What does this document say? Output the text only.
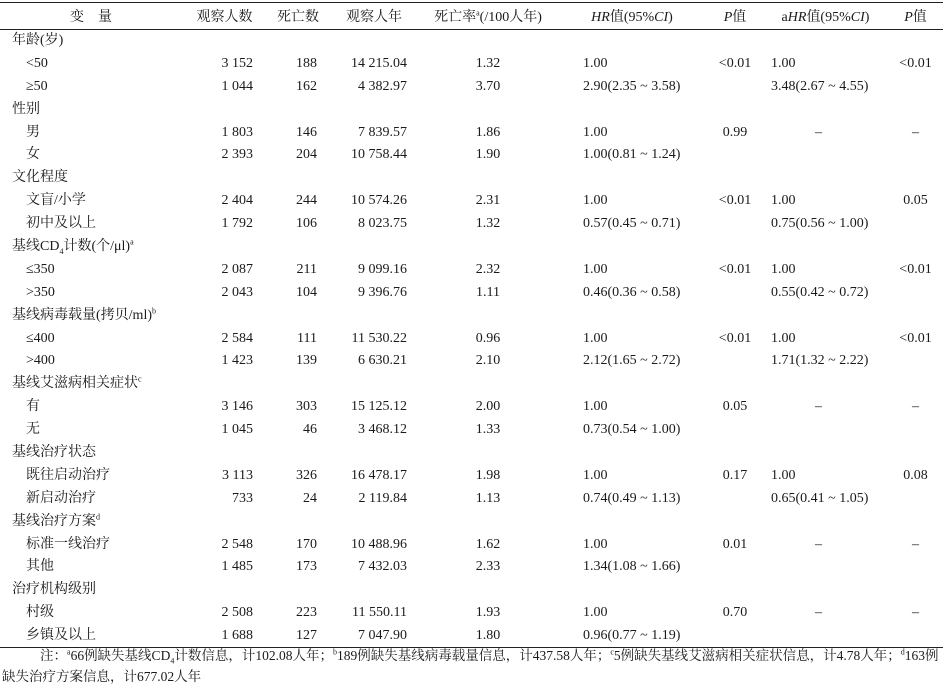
变　量	观察人数	死亡数	观察人年	死亡率$^a$(/100人年)	HR值(95%CI)	P值	aHR值(95%CI)	P值
年龄(岁)								
<50	3 152	188	14 215.04	1.32	1.00	<0.01	1.00	<0.01
≥50	1 044	162	4 382.97	3.70	2.90(2.35 ~ 3.58)		3.48(2.67 ~ 4.55)	
性别								
男	1 803	146	7 839.57	1.86	1.00	0.99	–	–
女	2 393	204	10 758.44	1.90	1.00(0.81 ~ 1.24)			
文化程度								
文盲/小学	2 404	244	10 574.26	2.31	1.00	<0.01	1.00	0.05
初中及以上	1 792	106	8 023.75	1.32	0.57(0.45 ~ 0.71)		0.75(0.56 ~ 1.00)	
基线$CD_4$计数(个/μl)$^a$
≤350	2 087	211	9 099.16	2.32	1.00	<0.01	1.00	<0.01
>350	2 043	104	9 396.76	1.11	0.46(0.36 ~ 0.58)		0.55(0.42 ~ 0.72)	
基线病毒载量(拷贝/ml)$^b$
≤400	2 584	111	11 530.22	0.96	1.00	<0.01	1.00	<0.01
>400	1 423	139	6 630.21	2.10	2.12(1.65 ~ 2.72)		1.71(1.32 ~ 2.22)	
基线艾滋病相关症状$^c$
有	3 146	303	15 125.12	2.00	1.00	0.05	–	–
无	1 045	46	3 468.12	1.33	0.73(0.54 ~ 1.00)			
基线治疗状态								
既往启动治疗	3 113	326	16 478.17	1.98	1.00	0.17	1.00	0.08
新启动治疗	733	24	2 119.84	1.13	0.74(0.49 ~ 1.13)		0.65(0.41 ~ 1.05)	
基线治疗方案$^d$
标准一线治疗	2 548	170	10 488.96	1.62	1.00	0.01	–	–
其他	1 485	173	7 432.03	2.33	1.34(1.08 ~ 1.66)			
治疗机构级别								
村级	2 508	223	11 550.11	1.93	1.00	0.70	–	–
乡镇及以上	1 688	127	7 047.90	1.80	0.96(0.77 ~ 1.19)			
注：$^a$66例缺失基线$CD_4$计数信息，计102.08人年；$^b$189例缺失基线病毒载量信息，计437.58人年；$^c$5例缺失基线艾滋病相关症状信息，计4.78人年；$^d$163例缺失治疗方案信息，计677.02人年
